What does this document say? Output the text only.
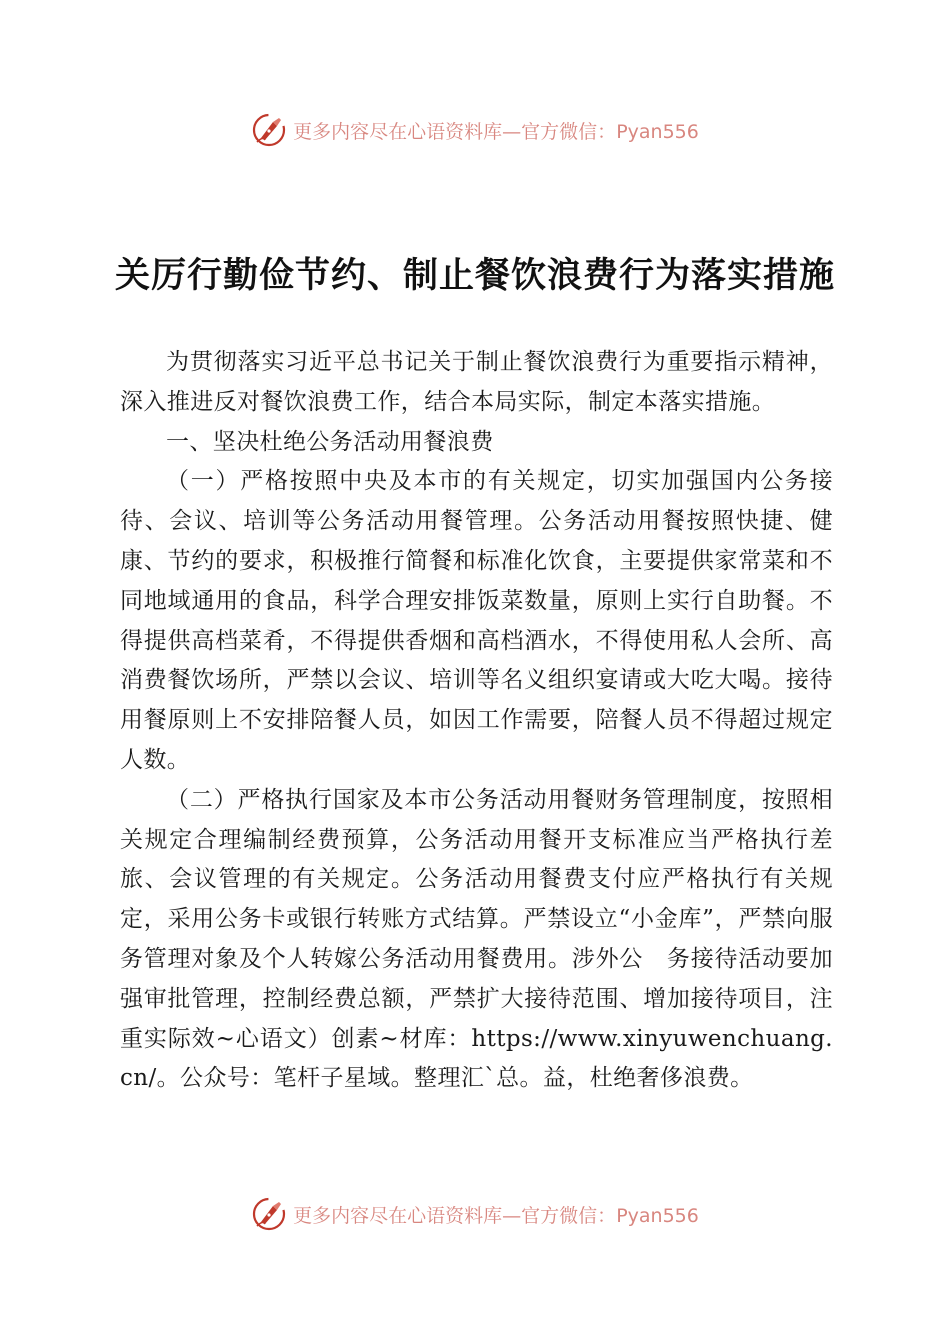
更多内容尽在心语资料库—官方微信：Pyan556
关厉行勤俭节约、制止餐饮浪费行为落实措施

为贯彻落实习近平总书记关于制止餐饮浪费行为重要指示精神，深入推进反对餐饮浪费工作，结合本局实际，制定本落实措施。

一、坚决杜绝公务活动用餐浪费

（一）严格按照中央及本市的有关规定，切实加强国内公务接待、会议、培训等公务活动用餐管理。公务活动用餐按照快捷、健康、节约的要求，积极推行简餐和标准化饮食，主要提供家常菜和不同地域通用的食品，科学合理安排饭菜数量，原则上实行自助餐。不得提供高档菜肴，不得提供香烟和高档酒水，不得使用私人会所、高消费餐饮场所，严禁以会议、培训等名义组织宴请或大吃大喝。接待用餐原则上不安排陪餐人员，如因工作需要，陪餐人员不得超过规定人数。

（二）严格执行国家及本市公务活动用餐财务管理制度，按照相关规定合理编制经费预算，公务活动用餐开支标准应当严格执行差旅、会议管理的有关规定。公务活动用餐费支付应严格执行有关规定，采用公务卡或银行转账方式结算。严禁设立“小金库”，严禁向服务管理对象及个人转嫁公务活动用餐费用。涉外公　务接待活动要加强审批管理，控制经费总额，严禁扩大接待范围、增加接待项目，注重实际效~心语文）创素~材库：https://www.xinyuwenchuang.cn/。公众号：笔杆子星域。整理汇`总。益，杜绝奢侈浪费。

更多内容尽在心语资料库—官方微信：Pyan556
